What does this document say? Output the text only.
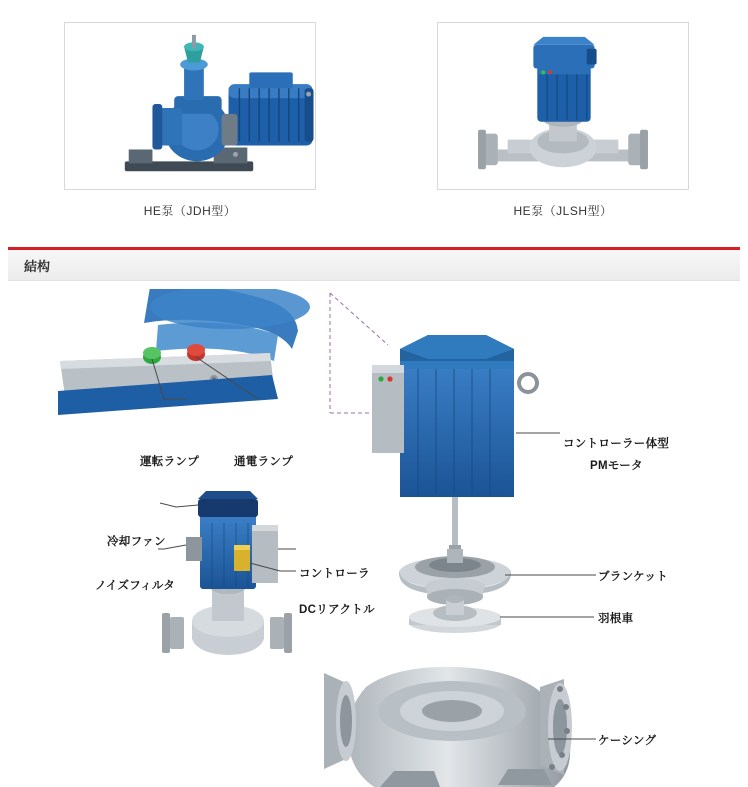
HE泵（JDH型）	HE泵（JLSH型）
結构
運転ランプ	通電ランプ
冷却ファン
ノイズフィルタ
コントローラ
DCリアクトル
コントローラー体型
PMモータ
ブランケット
羽根車
ケーシング
